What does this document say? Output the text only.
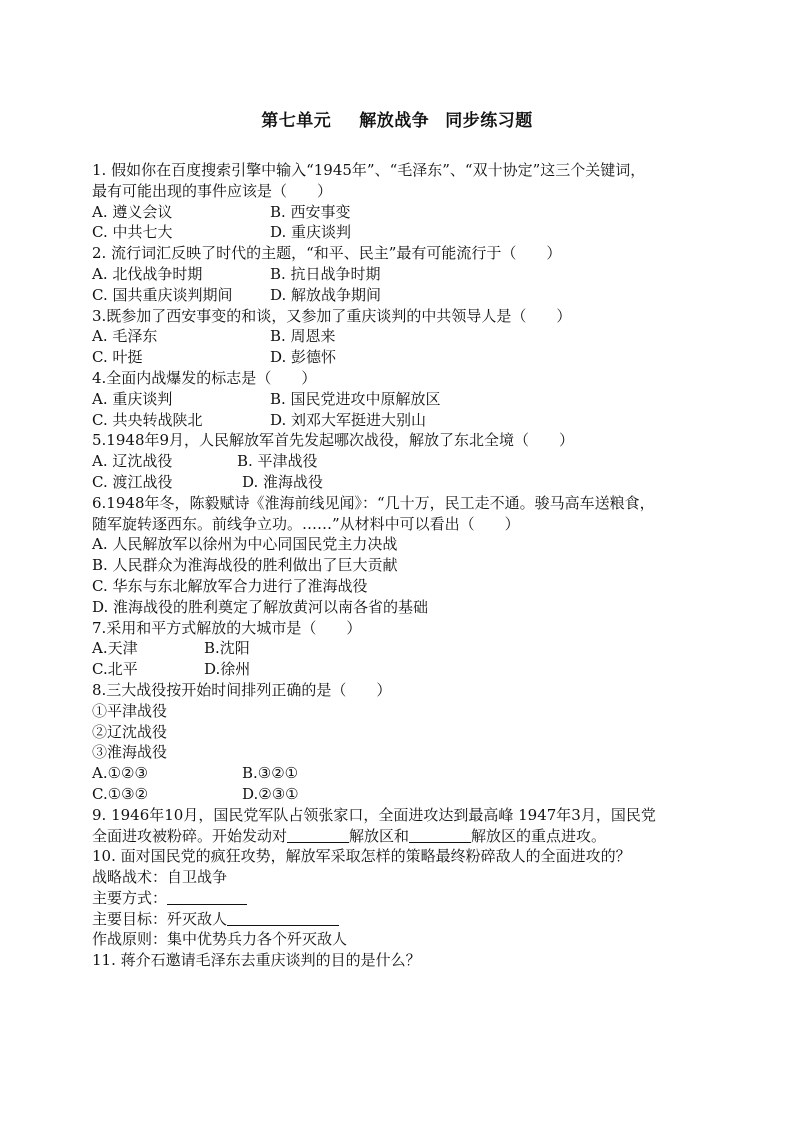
第七单元 解放战争 同步练习题
1. 假如你在百度搜索引擎中输入“1945年”、“毛泽东”、“双十协定”这三个关键词，
最有可能出现的事件应该是（　　）
A. 遵义会议	B. 西安事变
C. 中共七大	D. 重庆谈判
2. 流行词汇反映了时代的主题，“和平、民主”最有可能流行于（　　）
A. 北伐战争时期	B. 抗日战争时期
C. 国共重庆谈判期间	D. 解放战争期间
3.既参加了西安事变的和谈，又参加了重庆谈判的中共领导人是（　　）
A. 毛泽东	B. 周恩来
C. 叶挺	D. 彭德怀
4.全面内战爆发的标志是（　　）
A. 重庆谈判	B. 国民党进攻中原解放区
C. 共央转战陕北	D. 刘邓大军挺进大别山
5.1948年9月，人民解放军首先发起哪次战役，解放了东北全境（　　）
A. 辽沈战役	B. 平津战役
C. 渡江战役	D. 淮海战役
6.1948年冬，陈毅赋诗《淮海前线见闻》：“几十万，民工走不通。骏马高车送粮食，
随军旋转逐西东。前线争立功。……”从材料中可以看出（　　）
A. 人民解放军以徐州为中心同国民党主力决战
B. 人民群众为淮海战役的胜利做出了巨大贡献
C. 华东与东北解放军合力进行了淮海战役
D. 淮海战役的胜利奠定了解放黄河以南各省的基础
7.采用和平方式解放的大城市是（　　）
A.天津	B.沈阳
C.北平	D.徐州
8.三大战役按开始时间排列正确的是（　　）
①平津战役
②辽沈战役
③淮海战役
A.①②③	B.③②①
C.①③②	D.②③①
9. 1946年10月，国民党军队占领张家口，全面进攻达到最高峰 1947年3月，国民党
全面进攻被粉碎。开始发动对	解放区和	解放区的重点进攻。
10. 面对国民党的疯狂攻势，解放军采取怎样的策略最终粉碎敌人的全面进攻的？
战略战术：自卫战争
主要方式：
主要目标：歼灭敌人
作战原则：集中优势兵力各个歼灭敌人
11. 蒋介石邀请毛泽东去重庆谈判的目的是什么？
